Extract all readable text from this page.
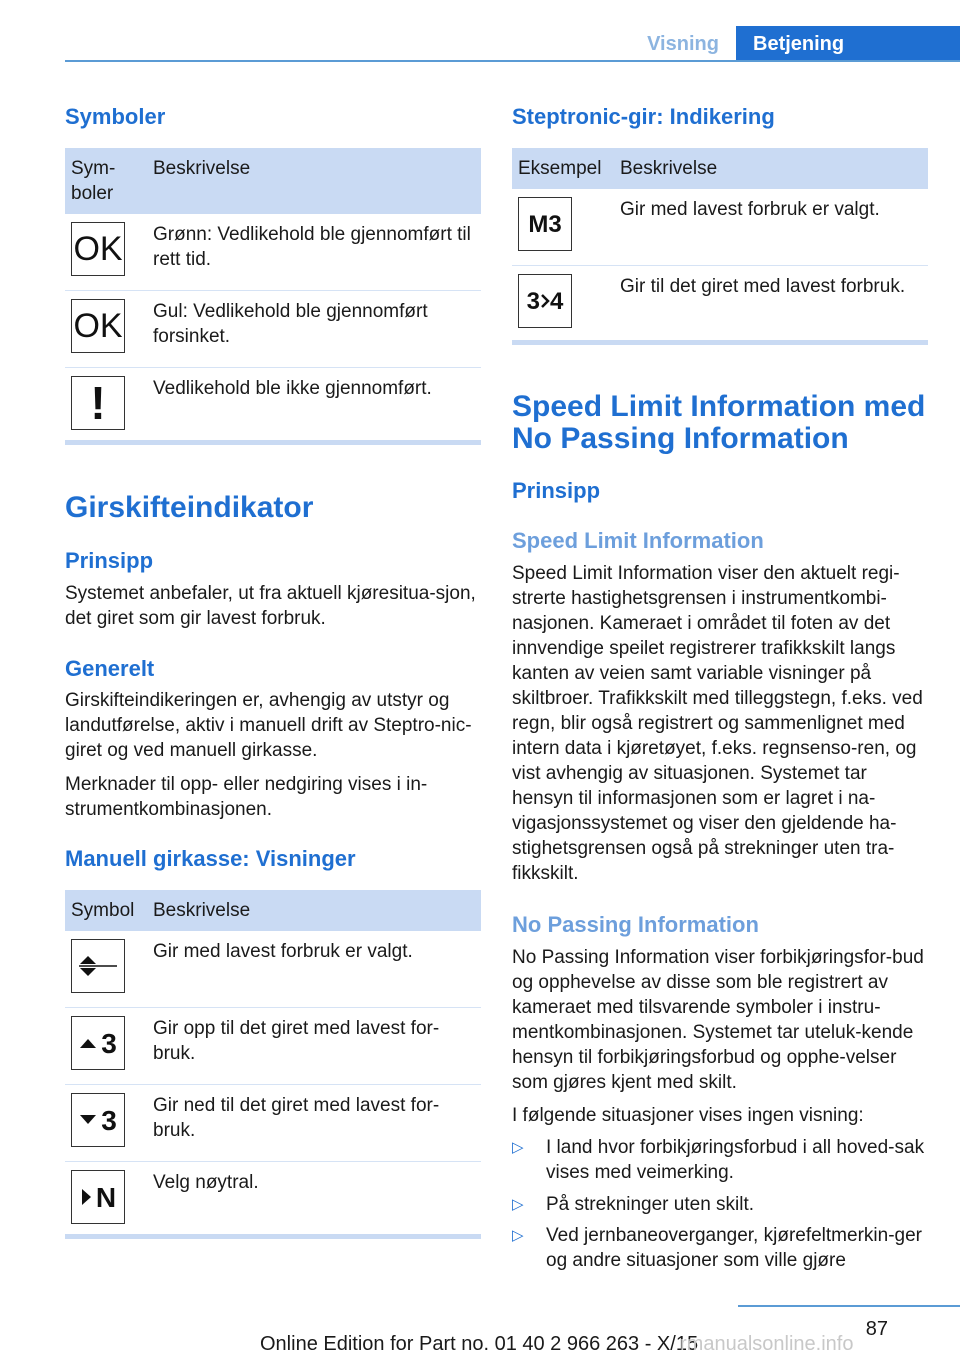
Visning	Betjening
Symboler
Sym-
boler	Beskrivelse

OK	Grønn: Vedlikehold ble gjennomført til rett tid.

OK	Gul: Vedlikehold ble gjennomført forsinket.

!	Vedlikehold ble ikke gjennomført.
Girskifteindikator
Prinsipp
Systemet anbefaler, ut fra aktuell kjøresitua-sjon, det giret som gir lavest forbruk.
Generelt
Girskifteindikeringen er, avhengig av utstyr og landutførelse, aktiv i manuell drift av Steptro-nic-giret og ved manuell girkasse.
Merknader til opp- eller nedgiring vises i in-strumentkombinasjonen.
Manuell girkasse: Visninger
Symbol	Beskrivelse

	Gir med lavest forbruk er valgt.

3	Gir opp til det giret med lavest for-bruk.

3	Gir ned til det giret med lavest for-bruk.

N	Velg nøytral.
Steptronic-gir: Indikering
Eksempel	Beskrivelse

M3	Gir med lavest forbruk er valgt.

3 4	Gir til det giret med lavest forbruk.
Speed Limit Information med No Passing Information
Prinsipp
Speed Limit Information
Speed Limit Information viser den aktuelt regi-strerte hastighetsgrensen i instrumentkombi-nasjonen. Kameraet i området til foten av det innvendige speilet registrerer trafikkskilt langs kanten av veien samt variable visninger på skiltbroer. Trafikkskilt med tilleggstegn, f.eks. ved regn, blir også registrert og sammenlignet med intern data i kjøretøyet, f.eks. regnsenso-ren, og vist avhengig av situasjonen. Systemet tar hensyn til informasjonen som er lagret i na-vigasjonssystemet og viser den gjeldende ha-stighetsgrensen også på strekninger uten tra-fikkskilt.
No Passing Information
No Passing Information viser forbikjøringsfor-bud og opphevelse av disse som ble registrert av kameraet med tilsvarende symboler i instru-mentkombinasjonen. Systemet tar uteluk-kende hensyn til forbikjøringsforbud og opphe-velser som gjøres kjent med skilt.
I følgende situasjoner vises ingen visning:
▷ I land hvor forbikjøringsforbud i all hoved-sak vises med veimerking.
▷ På strekninger uten skilt.
▷ Ved jernbaneoverganger, kjørefeltmerkin-ger og andre situasjoner som ville gjøre
87
Online Edition for Part no. 01 40 2 966 263 - X/15
rmanualsonline.info
